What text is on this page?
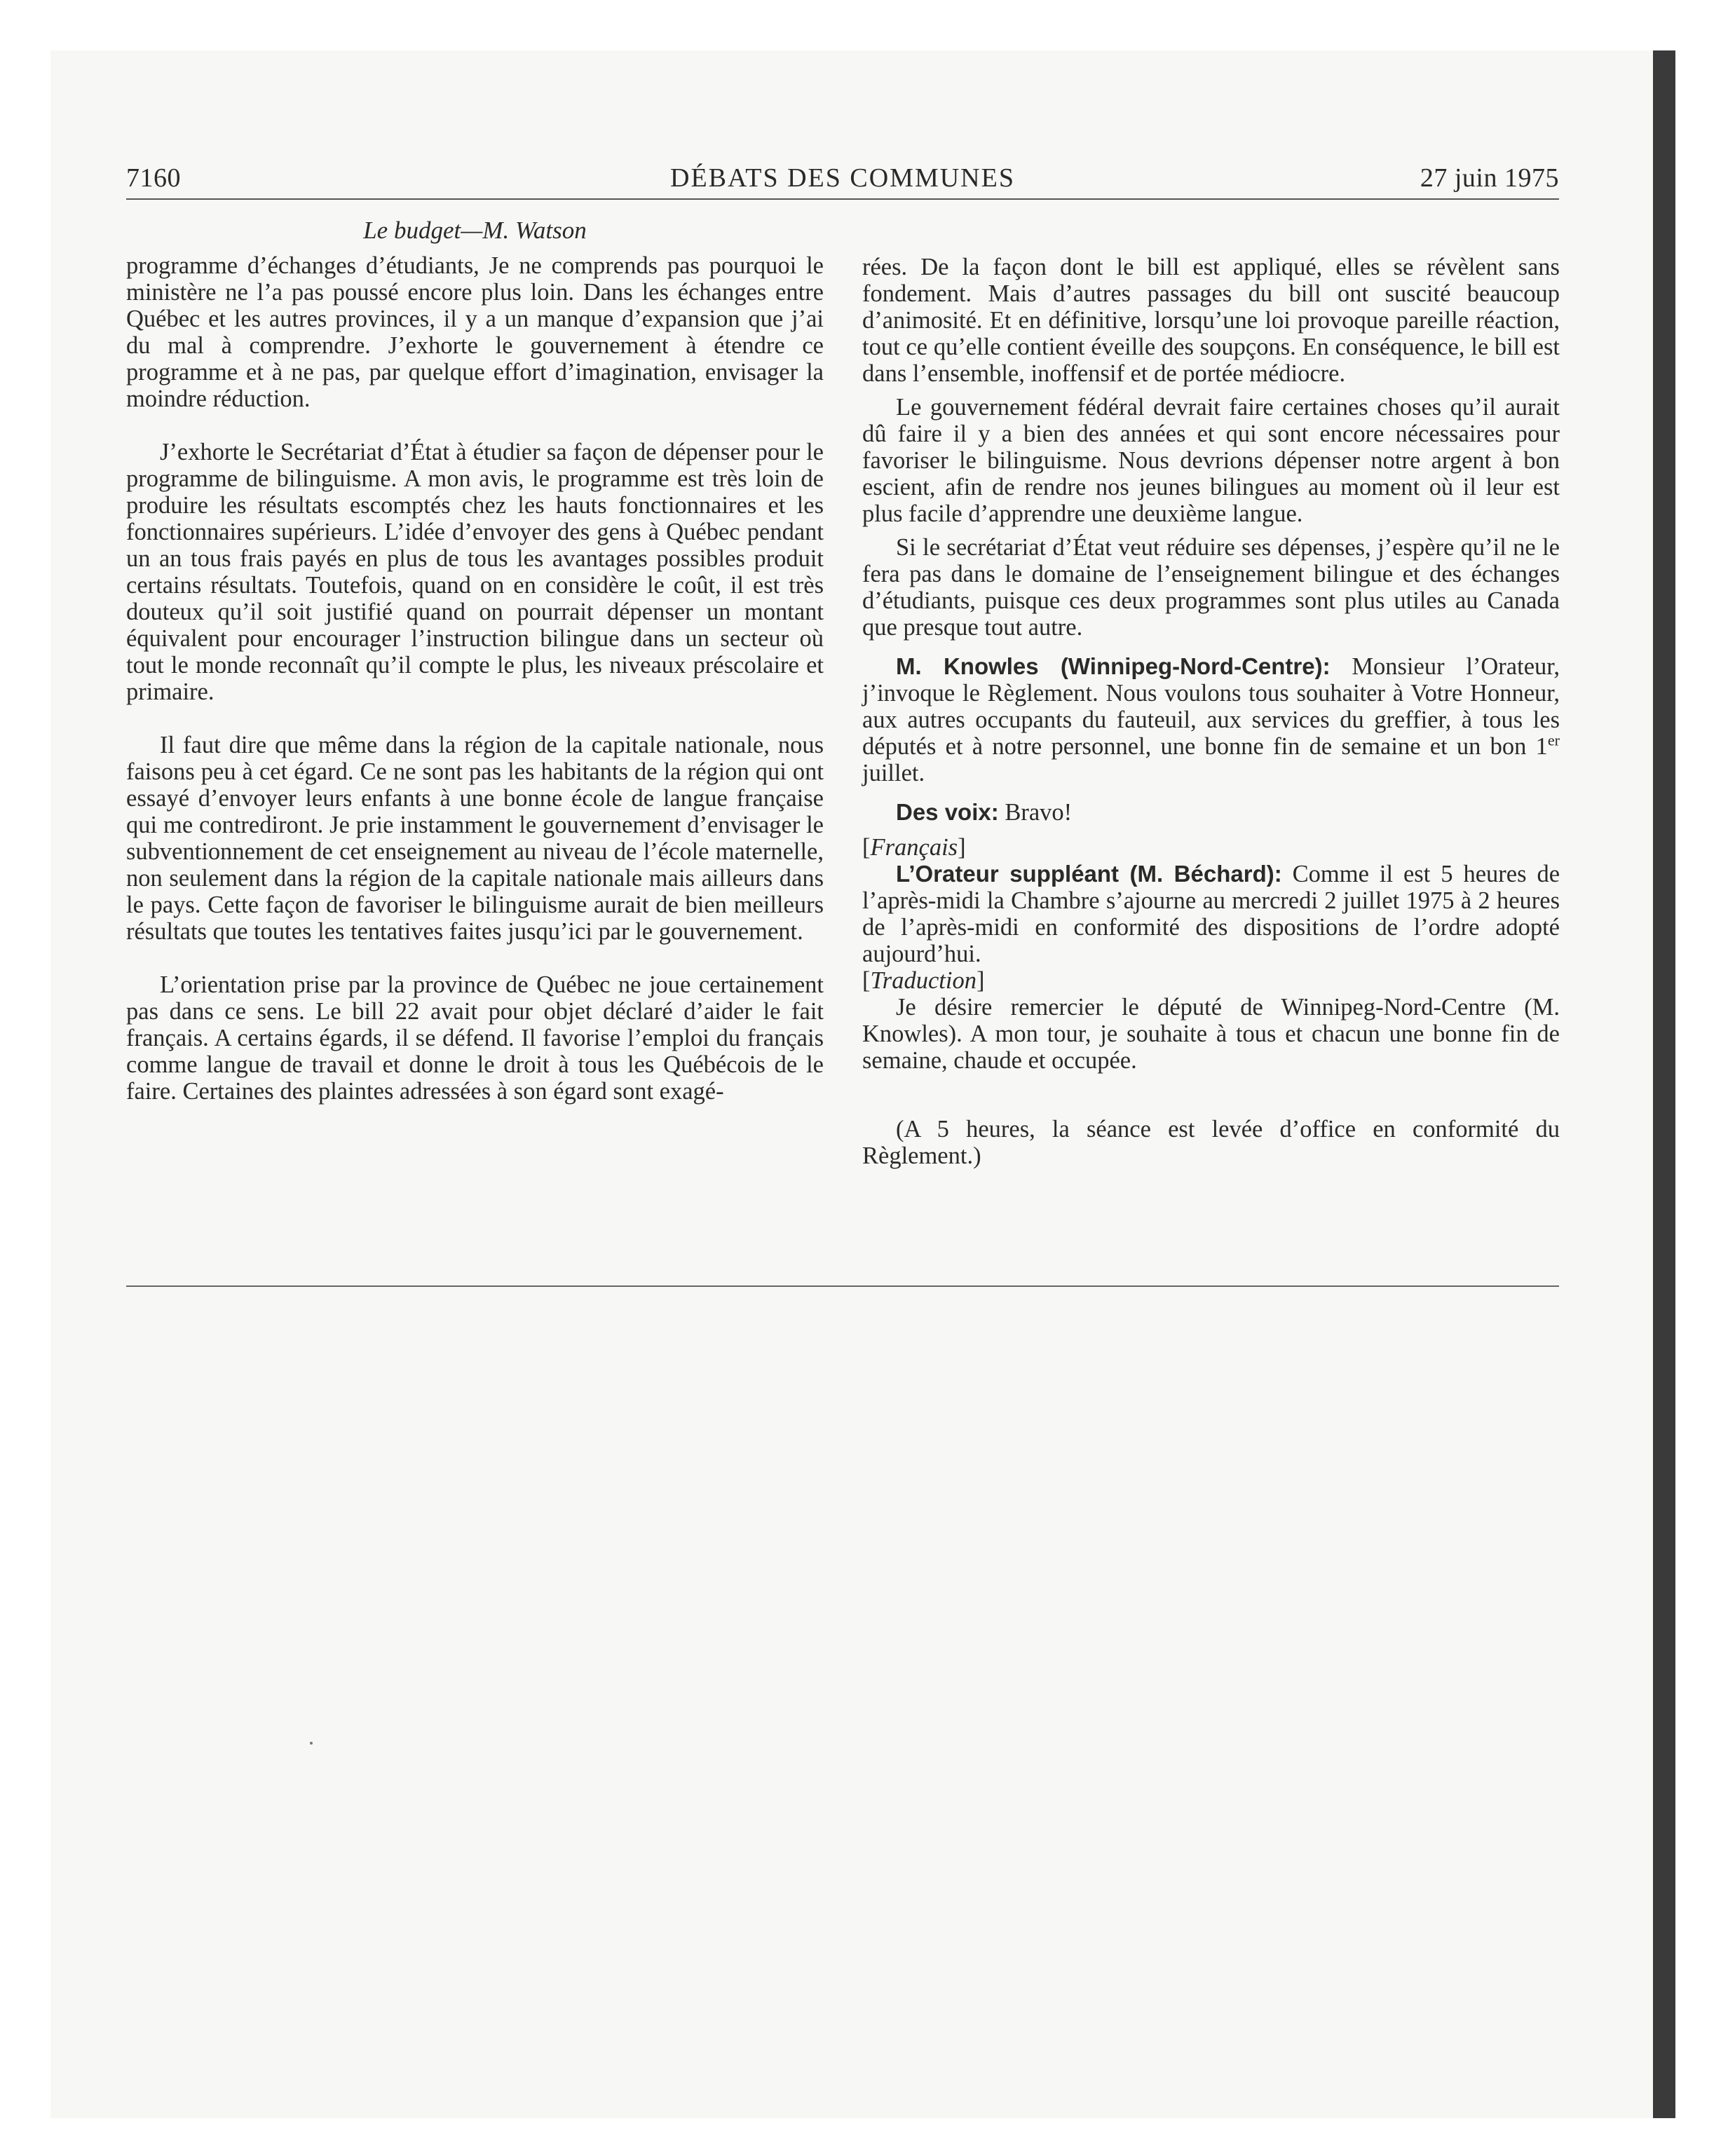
7160	DÉBATS DES COMMUNES	27 juin 1975
Le budget—M. Watson

programme d’échanges d’étudiants, Je ne comprends pas pourquoi le ministère ne l’a pas poussé encore plus loin. Dans les échanges entre Québec et les autres provinces, il y a un manque d’expansion que j’ai du mal à comprendre. J’exhorte le gouvernement à étendre ce programme et à ne pas, par quelque effort d’imagination, envisager la moindre réduction.

J’exhorte le Secrétariat d’État à étudier sa façon de dépenser pour le programme de bilinguisme. A mon avis, le programme est très loin de produire les résultats escomptés chez les hauts fonctionnaires et les fonctionnaires supérieurs. L’idée d’envoyer des gens à Québec pendant un an tous frais payés en plus de tous les avantages possibles produit certains résultats. Toutefois, quand on en considère le coût, il est très douteux qu’il soit justifié quand on pourrait dépenser un montant équivalent pour encourager l’instruction bilingue dans un secteur où tout le monde reconnaît qu’il compte le plus, les niveaux préscolaire et primaire.

Il faut dire que même dans la région de la capitale nationale, nous faisons peu à cet égard. Ce ne sont pas les habitants de la région qui ont essayé d’envoyer leurs enfants à une bonne école de langue française qui me contrediront. Je prie instamment le gouvernement d’envisager le subventionnement de cet enseignement au niveau de l’école maternelle, non seulement dans la région de la capitale nationale mais ailleurs dans le pays. Cette façon de favoriser le bilinguisme aurait de bien meilleurs résultats que toutes les tentatives faites jusqu’ici par le gouvernement.

L’orientation prise par la province de Québec ne joue certainement pas dans ce sens. Le bill 22 avait pour objet déclaré d’aider le fait français. A certains égards, il se défend. Il favorise l’emploi du français comme langue de travail et donne le droit à tous les Québécois de le faire. Certaines des plaintes adressées à son égard sont exagé-

rées. De la façon dont le bill est appliqué, elles se révèlent sans fondement. Mais d’autres passages du bill ont suscité beaucoup d’animosité. Et en définitive, lorsqu’une loi provoque pareille réaction, tout ce qu’elle contient éveille des soupçons. En conséquence, le bill est dans l’ensemble, inoffensif et de portée médiocre.

Le gouvernement fédéral devrait faire certaines choses qu’il aurait dû faire il y a bien des années et qui sont encore nécessaires pour favoriser le bilinguisme. Nous devrions dépenser notre argent à bon escient, afin de rendre nos jeunes bilingues au moment où il leur est plus facile d’apprendre une deuxième langue.

Si le secrétariat d’État veut réduire ses dépenses, j’espère qu’il ne le fera pas dans le domaine de l’enseignement bilingue et des échanges d’étudiants, puisque ces deux programmes sont plus utiles au Canada que presque tout autre.

M. Knowles (Winnipeg-Nord-Centre): Monsieur l’Orateur, j’invoque le Règlement. Nous voulons tous souhaiter à Votre Honneur, aux autres occupants du fauteuil, aux services du greffier, à tous les députés et à notre personnel, une bonne fin de semaine et un bon 1er juillet.

Des voix: Bravo!

[Français]

L’Orateur suppléant (M. Béchard): Comme il est 5 heures de l’après-midi la Chambre s’ajourne au mercredi 2 juillet 1975 à 2 heures de l’après-midi en conformité des dispositions de l’ordre adopté aujourd’hui.

[Traduction]

Je désire remercier le député de Winnipeg-Nord-Centre (M. Knowles). A mon tour, je souhaite à tous et chacun une bonne fin de semaine, chaude et occupée.

(A 5 heures, la séance est levée d’office en conformité du Règlement.)
